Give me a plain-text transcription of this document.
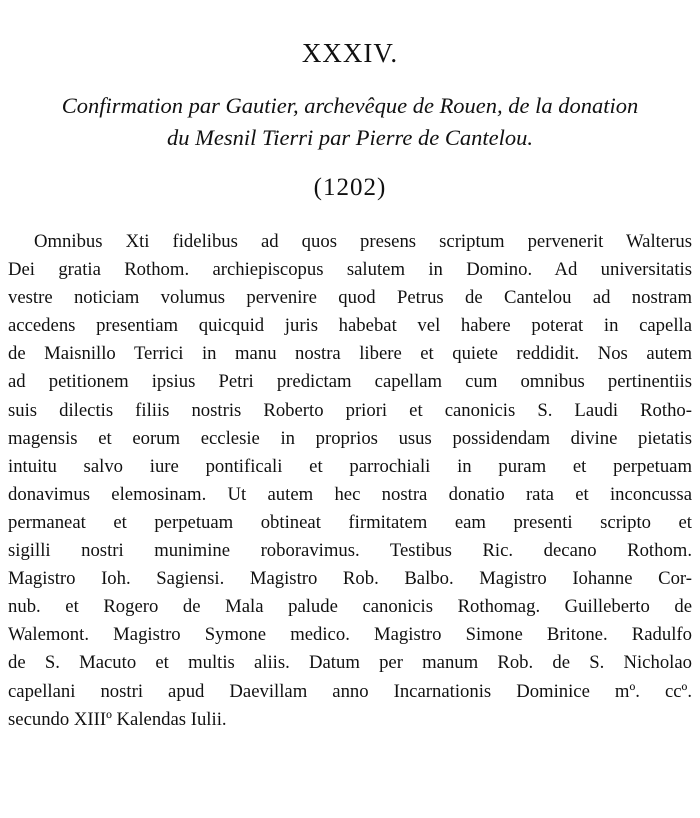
XXXIV.
Confirmation par Gautier, archevêque de Rouen, de la donation
du Mesnil Tierri par Pierre de Cantelou.
(1202)
Omnibus Xti fidelibus ad quos presens scriptum pervenerit Walterus
Dei gratia Rothom. archiepiscopus salutem in Domino. Ad universitatis
vestre noticiam volumus pervenire quod Petrus de Cantelou ad nostram
accedens presentiam quicquid juris habebat vel habere poterat in capella
de Maisnillo Terrici in manu nostra libere et quiete reddidit. Nos autem
ad petitionem ipsius Petri predictam capellam cum omnibus pertinentiis
suis dilectis filiis nostris Roberto priori et canonicis S. Laudi Rotho-
magensis et eorum ecclesie in proprios usus possidendam divine pietatis
intuitu salvo iure pontificali et parrochiali in puram et perpetuam
donavimus elemosinam. Ut autem hec nostra donatio rata et inconcussa
permaneat et perpetuam obtineat firmitatem eam presenti scripto et
sigilli nostri munimine roboravimus. Testibus Ric. decano Rothom.
Magistro Ioh. Sagiensi. Magistro Rob. Balbo. Magistro Iohanne Cor-
nub. et Rogero de Mala palude canonicis Rothomag. Guilleberto de
Walemont. Magistro Symone medico. Magistro Simone Britone. Radulfo
de S. Macuto et multis aliis. Datum per manum Rob. de S. Nicholao
capellani nostri apud Daevillam anno Incarnationis Dominice mº. ccº.
secundo XIIIº Kalendas Iulii.
